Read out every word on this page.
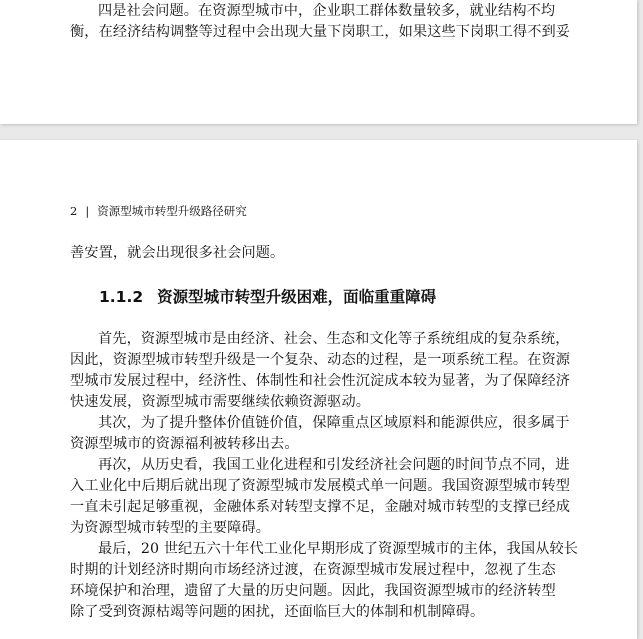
四是社会问题。在资源型城市中，企业职工群体数量较多，就业结构不均
衡，在经济结构调整等过程中会出现大量下岗职工，如果这些下岗职工得不到妥
2 | 资源型城市转型升级路径研究
善安置，就会出现很多社会问题。
1.1.2 资源型城市转型升级困难，面临重重障碍
首先，资源型城市是由经济、社会、生态和文化等子系统组成的复杂系统，
因此，资源型城市转型升级是一个复杂、动态的过程，是一项系统工程。在资源
型城市发展过程中，经济性、体制性和社会性沉淀成本较为显著，为了保障经济
快速发展，资源型城市需要继续依赖资源驱动。
其次，为了提升整体价值链价值，保障重点区域原料和能源供应，很多属于
资源型城市的资源福利被转移出去。
再次，从历史看，我国工业化进程和引发经济社会问题的时间节点不同，进
入工业化中后期后就出现了资源型城市发展模式单一问题。我国资源型城市转型
一直未引起足够重视，金融体系对转型支撑不足，金融对城市转型的支撑已经成
为资源型城市转型的主要障碍。
最后，20 世纪五六十年代工业化早期形成了资源型城市的主体，我国从较长
时期的计划经济时期向市场经济过渡，在资源型城市发展过程中，忽视了生态
环境保护和治理，遗留了大量的历史问题。因此，我国资源型城市的经济转型
除了受到资源枯竭等问题的困扰，还面临巨大的体制和机制障碍。
